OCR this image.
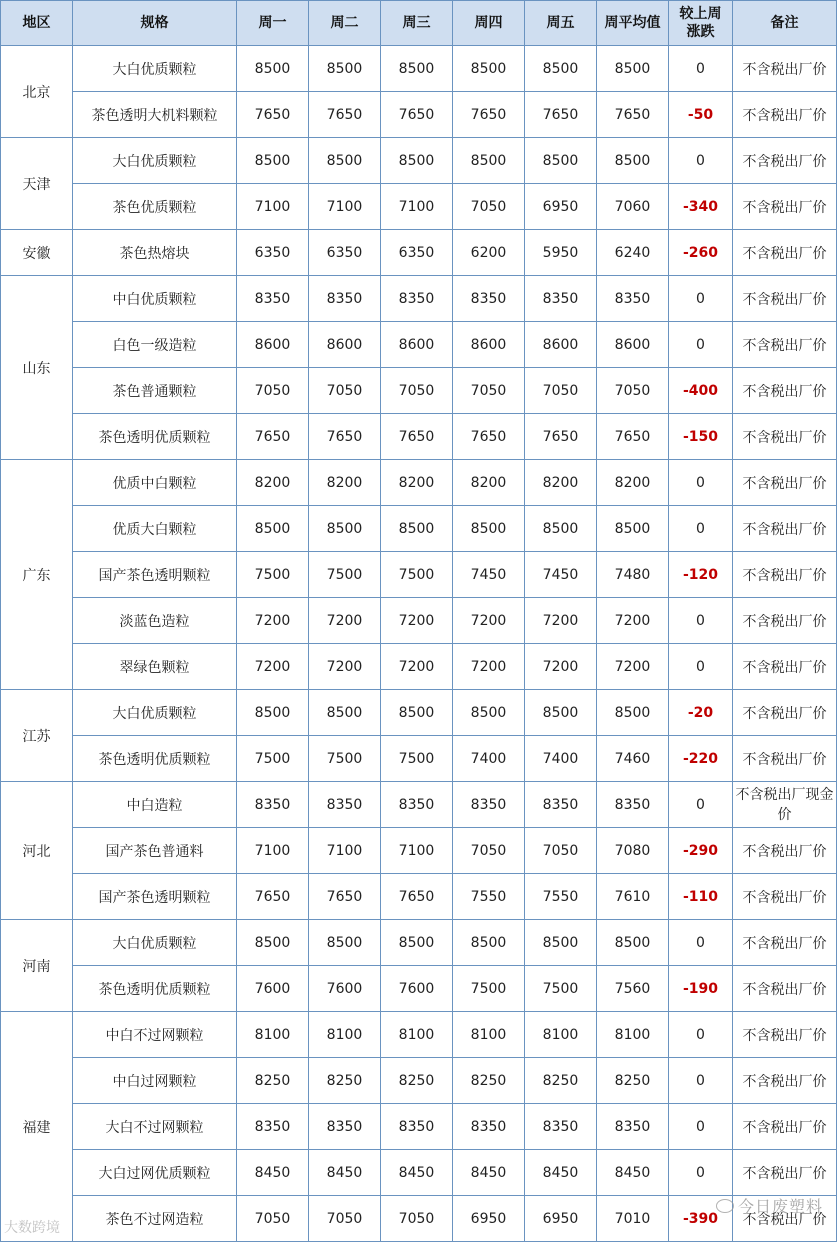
地区	规格	周一	周二	周三	周四	周五	周平均值	较上周涨跌	备注
北京	大白优质颗粒	8500	8500	8500	8500	8500	8500	0	不含税出厂价
	茶色透明大机料颗粒	7650	7650	7650	7650	7650	7650	-50	不含税出厂价
天津	大白优质颗粒	8500	8500	8500	8500	8500	8500	0	不含税出厂价
	茶色优质颗粒	7100	7100	7100	7050	6950	7060	-340	不含税出厂价
安徽	茶色热熔块	6350	6350	6350	6200	5950	6240	-260	不含税出厂价
山东	中白优质颗粒	8350	8350	8350	8350	8350	8350	0	不含税出厂价
	白色一级造粒	8600	8600	8600	8600	8600	8600	0	不含税出厂价
	茶色普通颗粒	7050	7050	7050	7050	7050	7050	-400	不含税出厂价
	茶色透明优质颗粒	7650	7650	7650	7650	7650	7650	-150	不含税出厂价
广东	优质中白颗粒	8200	8200	8200	8200	8200	8200	0	不含税出厂价
	优质大白颗粒	8500	8500	8500	8500	8500	8500	0	不含税出厂价
	国产茶色透明颗粒	7500	7500	7500	7450	7450	7480	-120	不含税出厂价
	淡蓝色造粒	7200	7200	7200	7200	7200	7200	0	不含税出厂价
	翠绿色颗粒	7200	7200	7200	7200	7200	7200	0	不含税出厂价
江苏	大白优质颗粒	8500	8500	8500	8500	8500	8500	-20	不含税出厂价
	茶色透明优质颗粒	7500	7500	7500	7400	7400	7460	-220	不含税出厂价
河北	中白造粒	8350	8350	8350	8350	8350	8350	0	不含税出厂现金价
	国产茶色普通料	7100	7100	7100	7050	7050	7080	-290	不含税出厂价
	国产茶色透明颗粒	7650	7650	7650	7550	7550	7610	-110	不含税出厂价
河南	大白优质颗粒	8500	8500	8500	8500	8500	8500	0	不含税出厂价
	茶色透明优质颗粒	7600	7600	7600	7500	7500	7560	-190	不含税出厂价
福建	中白不过网颗粒	8100	8100	8100	8100	8100	8100	0	不含税出厂价
	中白过网颗粒	8250	8250	8250	8250	8250	8250	0	不含税出厂价
	大白不过网颗粒	8350	8350	8350	8350	8350	8350	0	不含税出厂价
	大白过网优质颗粒	8450	8450	8450	8450	8450	8450	0	不含税出厂价
	茶色不过网造粒	7050	7050	7050	6950	6950	7010	-390	不含税出厂价
今日废塑料
大数跨境
